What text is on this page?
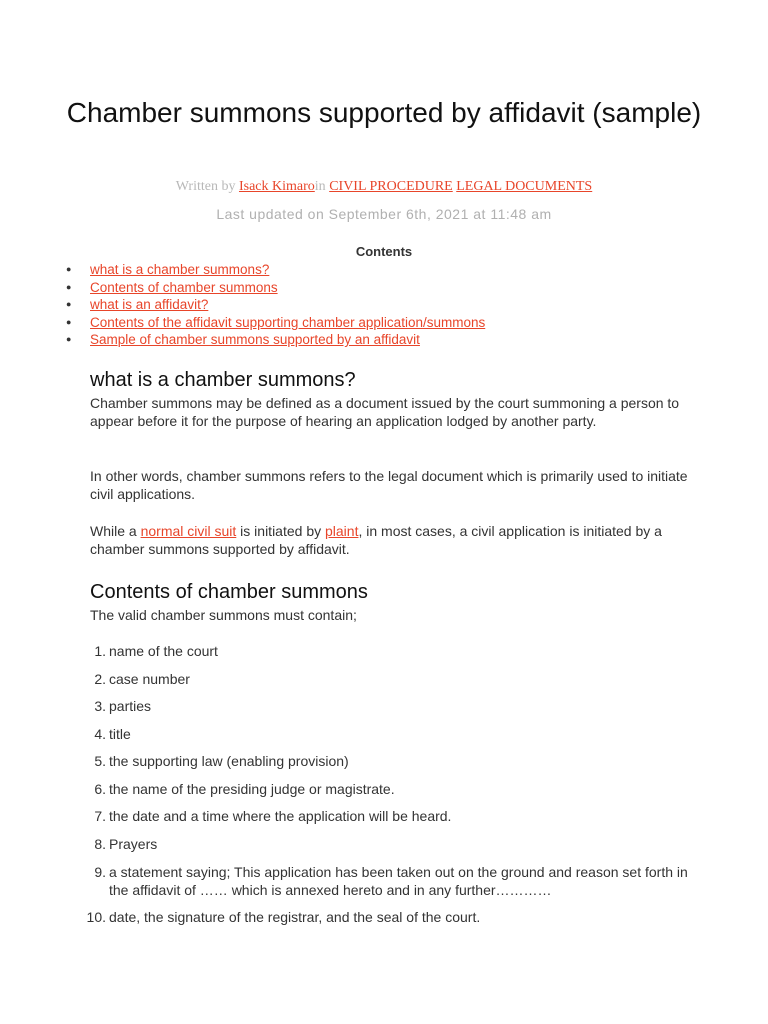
Chamber summons supported by affidavit (sample)
Written by Isack Kimaroin CIVIL PROCEDURE LEGAL DOCUMENTS
Last updated on September 6th, 2021 at 11:48 am
Contents
●	what is a chamber summons?
●	Contents of chamber summons
●	what is an affidavit?
●	Contents of the affidavit supporting chamber application/summons
●	Sample of chamber summons supported by an affidavit
what is a chamber summons?

Chamber summons may be defined as a document issued by the court summoning a person to appear before it for the purpose of hearing an application lodged by another party.

In other words, chamber summons refers to the legal document which is primarily used to initiate civil applications.

While a normal civil suit is initiated by plaint, in most cases, a civil application is initiated by a chamber summons supported by affidavit.

Contents of chamber summons

The valid chamber summons must contain;

1. name of the court
2. case number
3. parties
4. title
5. the supporting law (enabling provision)
6. the name of the presiding judge or magistrate.
7. the date and a time where the application will be heard.
8. Prayers
9. a statement saying; This application has been taken out on the ground and reason set forth in the affidavit of …… which is annexed hereto and in any further…………
10. date, the signature of the registrar, and the seal of the court.
